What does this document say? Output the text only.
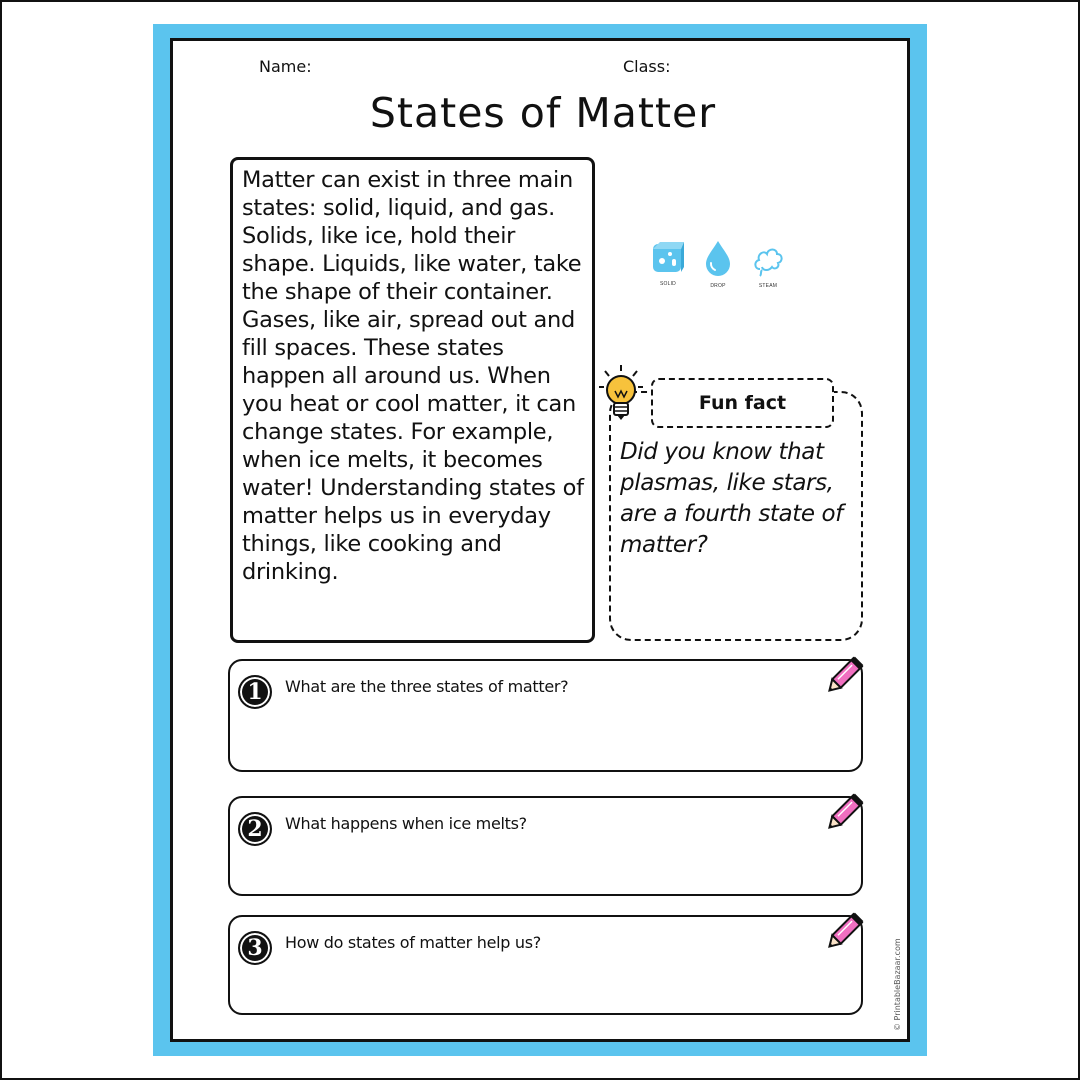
Name:	Class:
States of Matter

Matter can exist in three main states: solid, liquid, and gas. Solids, like ice, hold their shape. Liquids, like water, take the shape of their container. Gases, like air, spread out and fill spaces. These states happen all around us. When you heat or cool matter, it can change states. For example, when ice melts, it becomes water! Understanding states of matter helps us in everyday things, like cooking and drinking.

SOLID	DROP	STEAM
Fun fact

Did you know that plasmas, like stars, are a fourth state of matter?

1	What are the three states of matter?
2	What happens when ice melts?
3	How do states of matter help us?	© PrintableBazaar.com
